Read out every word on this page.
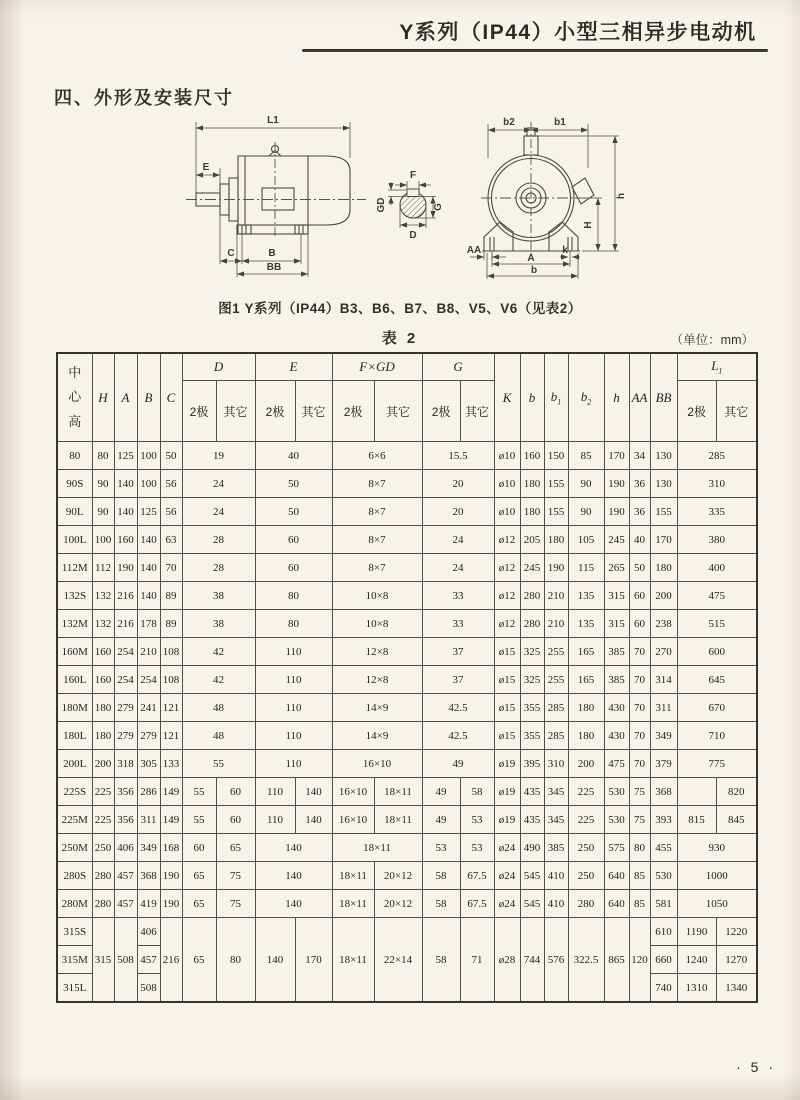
Y系列（IP44）小型三相异步电动机
四、外形及安装尺寸
L1
E
C	B
BB
F
GD	G
D
b2	b1
h
H
AA
A
k
b
图1 Y系列（IP44）B3、B6、B7、B8、V5、V6（见表2）
表 2	（单位：mm）
中
心
高	H	A	B	C	D		E		F×GD		G		K	b	$b_1$	$b_2$	h	AA	BB	$L_1$
					2极	其它	2极	其它	2极	其它	2极	其它								2极	其它
80	80	125	100	50	19		40		6×6		15.5		ø10	160	150	85	170	34	130	285	
90S	90	140	100	56	24		50		8×7		20		ø10	180	155	90	190	36	130	310	
90L	90	140	125	56	24		50		8×7		20		ø10	180	155	90	190	36	155	335	
100L	100	160	140	63	28		60		8×7		24		ø12	205	180	105	245	40	170	380	
112M	112	190	140	70	28		60		8×7		24		ø12	245	190	115	265	50	180	400	
132S	132	216	140	89	38		80		10×8		33		ø12	280	210	135	315	60	200	475	
132M	132	216	178	89	38		80		10×8		33		ø12	280	210	135	315	60	238	515	
160M	160	254	210	108	42		110		12×8		37		ø15	325	255	165	385	70	270	600	
160L	160	254	254	108	42		110		12×8		37		ø15	325	255	165	385	70	314	645	
180M	180	279	241	121	48		110		14×9		42.5		ø15	355	285	180	430	70	311	670	
180L	180	279	279	121	48		110		14×9		42.5		ø15	355	285	180	430	70	349	710	
200L	200	318	305	133	55		110		16×10		49		ø19	395	310	200	475	70	379	775	
225S	225	356	286	149	55	60	110	140	16×10	18×11	49	58	ø19	435	345	225	530	75	368		820
225M	225	356	311	149	55	60	110	140	16×10	18×11	49	53	ø19	435	345	225	530	75	393	815	845
250M	250	406	349	168	60	65	140		18×11		53	53	ø24	490	385	250	575	80	455	930	
280S	280	457	368	190	65	75	140		18×11	20×12	58	67.5	ø24	545	410	250	640	85	530	1000	
280M	280	457	419	190	65	75	140		18×11	20×12	58	67.5	ø24	545	410	280	640	85	581	1050	
315S	315	508	406	216	65	80	140	170	18×11	22×14	58	71	ø28	744	576	322.5	865	120	610	1190	1220
315M			457																660	1240	1270
315L			508																740	1310	1340
· 5 ·
